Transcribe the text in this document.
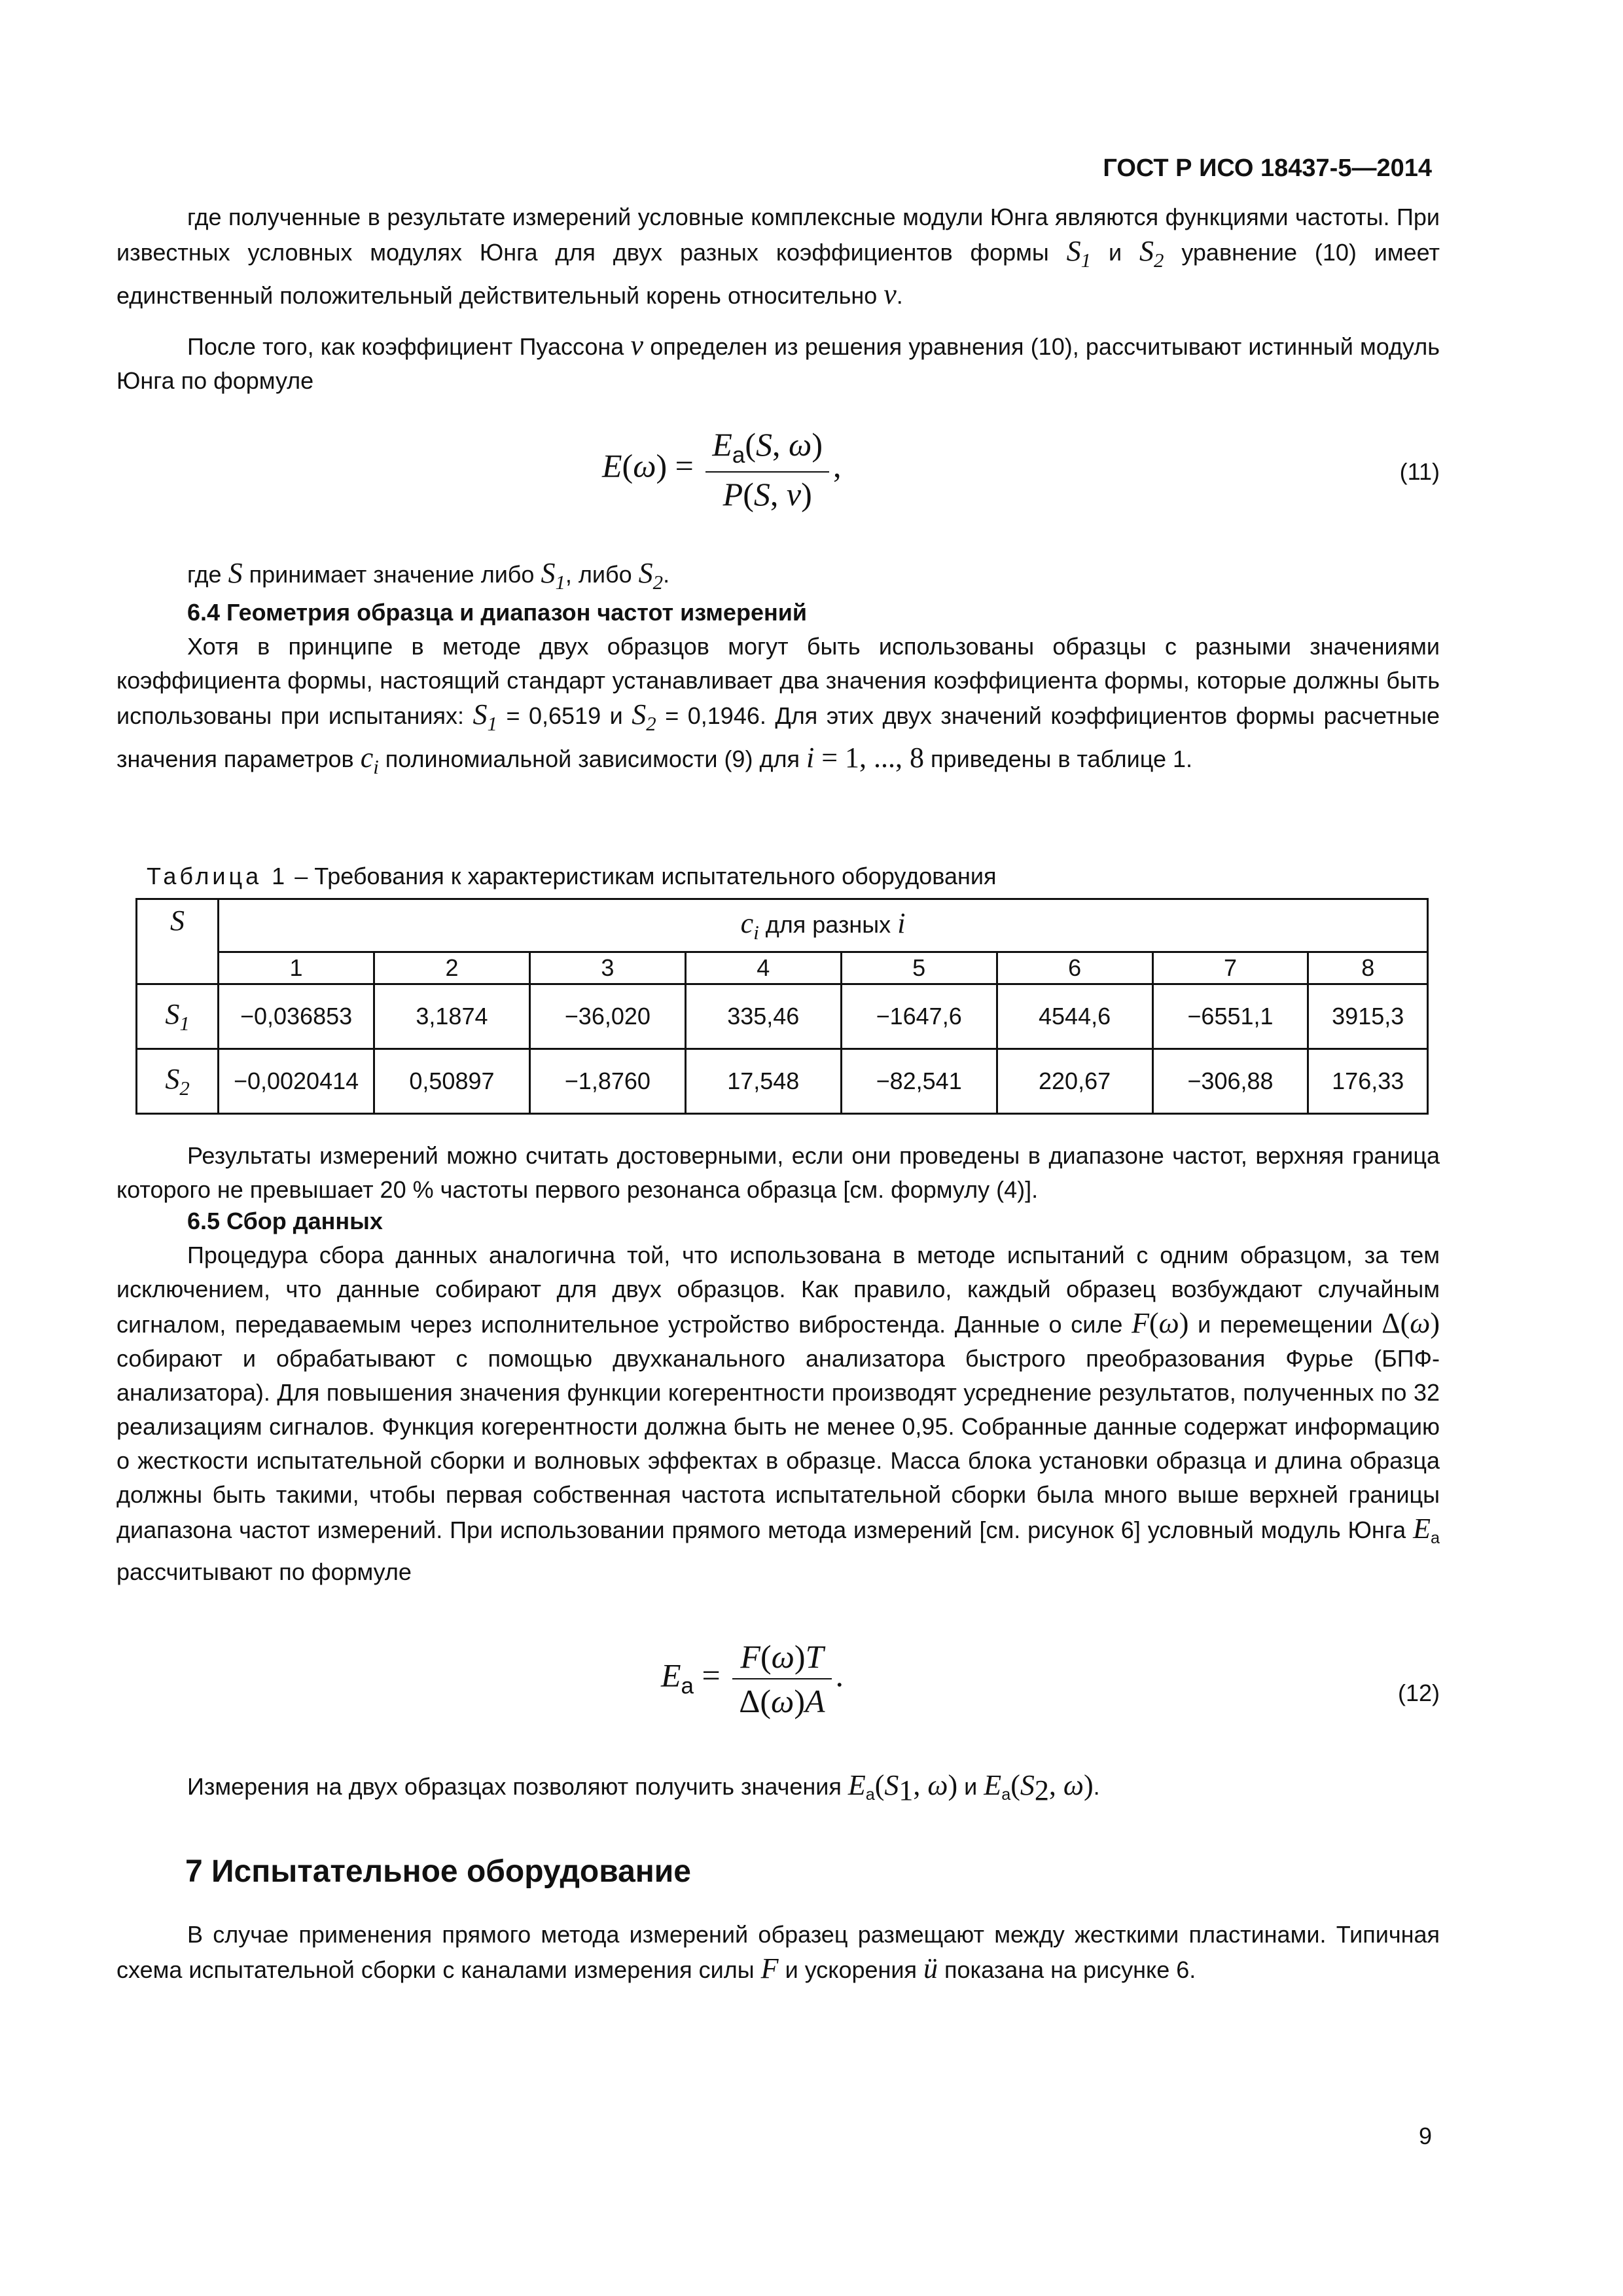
ГОСТ Р ИСО 18437-5—2014
где полученные в результате измерений условные комплексные модули Юнга являются функциями частоты. При известных условных модулях Юнга для двух разных коэффициентов формы $S_1$ и $S_2$ уравнение (10) имеет единственный положительный действительный корень относительно ν.
После того, как коэффициент Пуассона ν определен из решения уравнения (10), рассчитывают истинный модуль Юнга по формуле
$E(\omega) = \frac{E_a(S, \omega)}{P(S, \nu)}$ ,	(11)
где S принимает значение либо $S_1$, либо $S_2$.
6.4 Геометрия образца и диапазон частот измерений
Хотя в принципе в методе двух образцов могут быть использованы образцы с разными значениями коэффициента формы, настоящий стандарт устанавливает два значения коэффициента формы, которые должны быть использованы при испытаниях: $S_1 = 0,6519$ и $S_2 = 0,1946$. Для этих двух значений коэффициентов формы расчетные значения параметров $c_i$ полиномиальной зависимости (9) для i = 1, ..., 8 приведены в таблице 1.
Таблица 1 – Требования к характеристикам испытательного оборудования
S	$c_i$ для разных i							
	1	2	3	4	5	6	7	8
$S_1$	−0,036853	3,1874	−36,020	335,46	−1647,6	4544,6	−6551,1	3915,3
$S_2$	−0,0020414	0,50897	−1,8760	17,548	−82,541	220,67	−306,88	176,33
Результаты измерений можно считать достоверными, если они проведены в диапазоне частот, верхняя граница которого не превышает 20 % частоты первого резонанса образца [см. формулу (4)].
6.5 Сбор данных
Процедура сбора данных аналогична той, что использована в методе испытаний с одним образцом, за тем исключением, что данные собирают для двух образцов. Как правило, каждый образец возбуждают случайным сигналом, передаваемым через исполнительное устройство вибростенда. Данные о силе F(ω) и перемещении Δ(ω) собирают и обрабатывают с помощью двухканального анализатора быстрого преобразования Фурье (БПФ-анализатора). Для повышения значения функции когерентности производят усреднение результатов, полученных по 32 реализациям сигналов. Функция когерентности должна быть не менее 0,95. Собранные данные содержат информацию о жесткости испытательной сборки и волновых эффектах в образце. Масса блока установки образца и длина образца должны быть такими, чтобы первая собственная частота испытательной сборки была много выше верхней границы диапазона частот измерений. При использовании прямого метода измерений [см. рисунок 6] условный модуль Юнга $E_a$ рассчитывают по формуле
$E_a = \frac{F(\omega)T}{\Delta(\omega)A}$ .	(12)
Измерения на двух образцах позволяют получить значения $E_a(S_1$, ω) и $E_a(S_2$, ω).
7 Испытательное оборудование
В случае применения прямого метода измерений образец размещают между жесткими пластинами. Типичная схема испытательной сборки с каналами измерения силы F и ускорения ü показана на рисунке 6.
9
